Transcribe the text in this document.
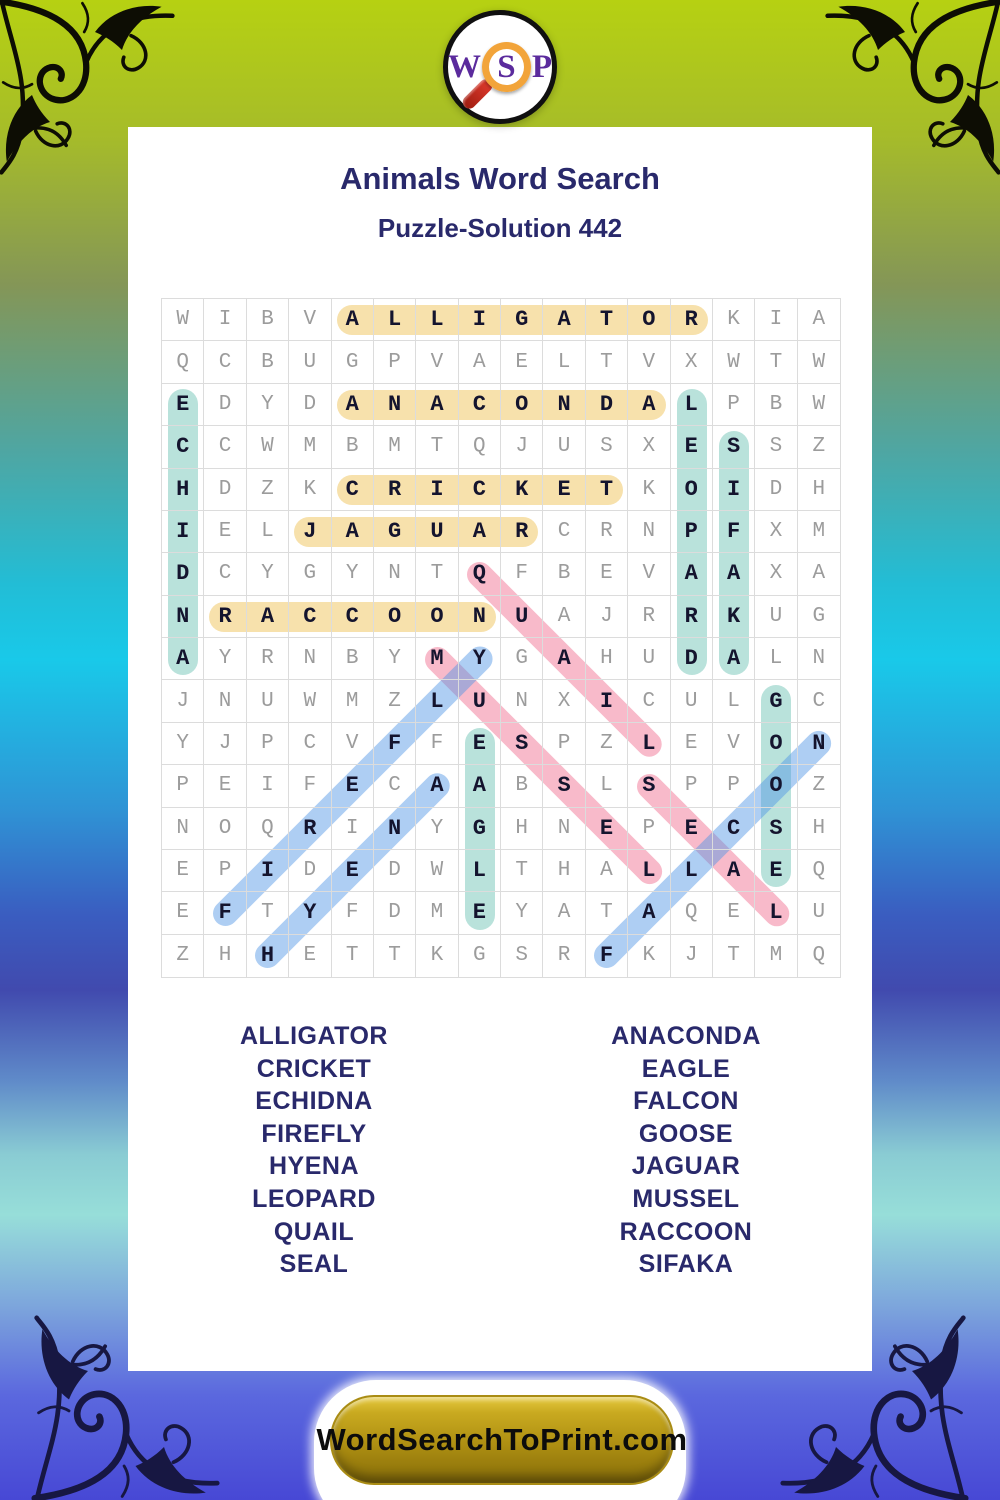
W S P
Animals Word Search
Puzzle-Solution 442
W	I	B	V	A	L	L	I	G	A	T	O	R	K	I	A
Q	C	B	U	G	P	V	A	E	L	T	V	X	W	T	W
E	D	Y	D	A	N	A	C	O	N	D	A	L	P	B	W
C	C	W	M	B	M	T	Q	J	U	S	X	E	S	S	Z
H	D	Z	K	C	R	I	C	K	E	T	K	O	I	D	H
I	E	L	J	A	G	U	A	R	C	R	N	P	F	X	M
D	C	Y	G	Y	N	T	Q	F	B	E	V	A	A	X	A
N	R	A	C	C	O	O	N	U	A	J	R	R	K	U	G
A	Y	R	N	B	Y	M	Y	G	A	H	U	D	A	L	N
J	N	U	W	M	Z	L	U	N	X	I	C	U	L	G	C
Y	J	P	C	V	F	F	E	S	P	Z	L	E	V	O	N
P	E	I	F	E	C	A	A	B	S	L	S	P	P	O	Z
N	O	Q	R	I	N	Y	G	H	N	E	P	E	C	S	H
E	P	I	D	E	D	W	L	T	H	A	L	L	A	E	Q
E	F	T	Y	F	D	M	E	Y	A	T	A	Q	E	L	U
Z	H	H	E	T	T	K	G	S	R	F	K	J	T	M	Q
ALLIGATOR
CRICKET
ECHIDNA
FIREFLY
HYENA
LEOPARD
QUAIL
SEAL
ANACONDA
EAGLE
FALCON
GOOSE
JAGUAR
MUSSEL
RACCOON
SIFAKA
WordSearchToPrint.com
